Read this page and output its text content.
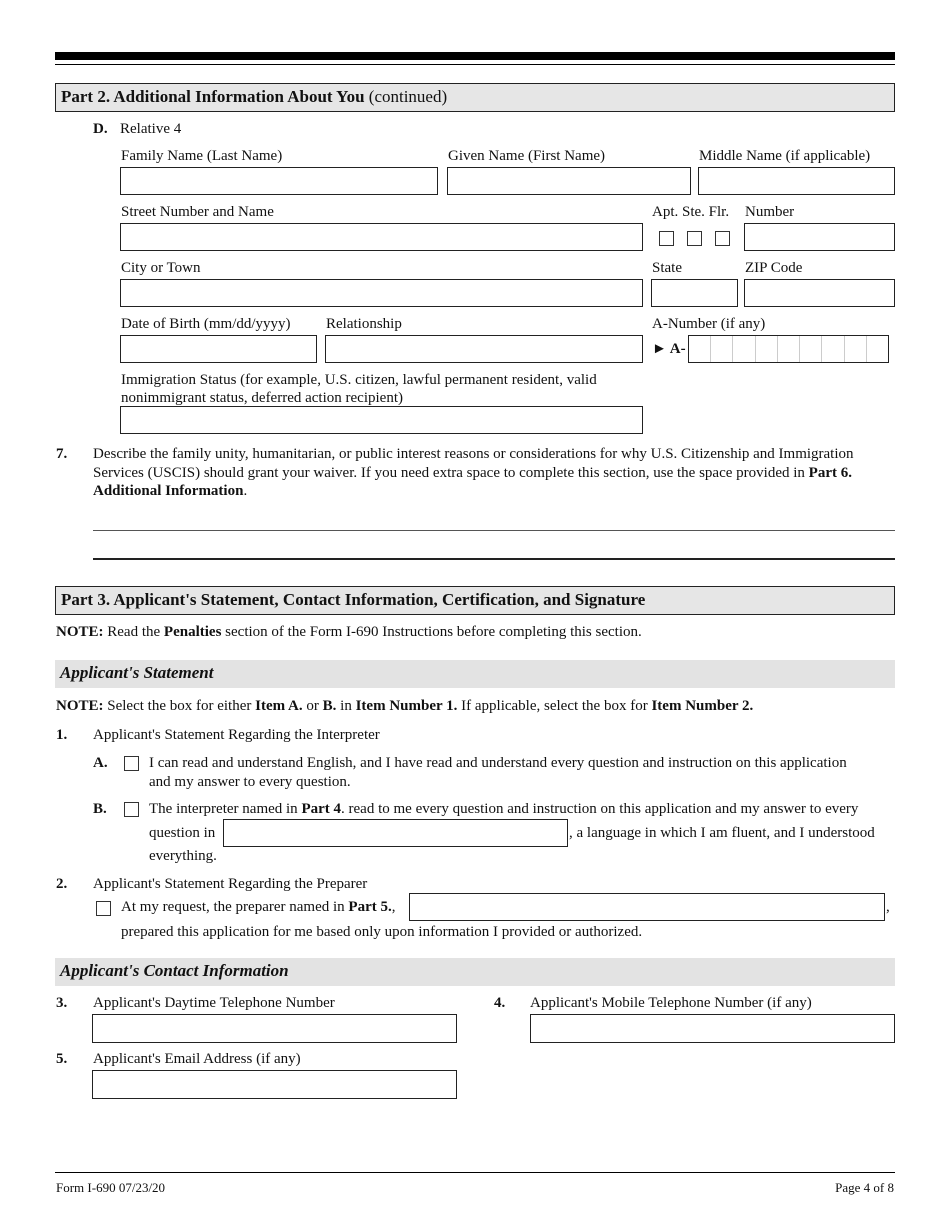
Part 2. Additional Information About You (continued)
D. Relative 4
Family Name (Last Name)	Given Name (First Name)	Middle Name (if applicable)
Street Number and Name	Apt. Ste. Flr. Number
City or Town	State	ZIP Code
Date of Birth (mm/dd/yyyy) Relationship	A-Number (if any)
► A-
Immigration Status (for example, U.S. citizen, lawful permanent resident, valid
nonimmigrant status, deferred action recipient)
7. Describe the family unity, humanitarian, or public interest reasons or considerations for why U.S. Citizenship and Immigration
Services (USCIS) should grant your waiver. If you need extra space to complete this section, use the space provided in Part 6.
Additional Information.
Part 3. Applicant's Statement, Contact Information, Certification, and Signature
NOTE: Read the Penalties section of the Form I-690 Instructions before completing this section.
Applicant's Statement
NOTE: Select the box for either Item A. or B. in Item Number 1. If applicable, select the box for Item Number 2.
1. Applicant's Statement Regarding the Interpreter
A.	I can read and understand English, and I have read and understand every question and instruction on this application
and my answer to every question.
B.	The interpreter named in Part 4. read to me every question and instruction on this application and my answer to every
question in	, a language in which I am fluent, and I understood
everything.
2. Applicant's Statement Regarding the Preparer
At my request, the preparer named in Part 5.,	,
prepared this application for me based only upon information I provided or authorized.
Applicant's Contact Information
3. Applicant's Daytime Telephone Number	4. Applicant's Mobile Telephone Number (if any)
5. Applicant's Email Address (if any)
Form I-690 07/23/20	Page 4 of 8
